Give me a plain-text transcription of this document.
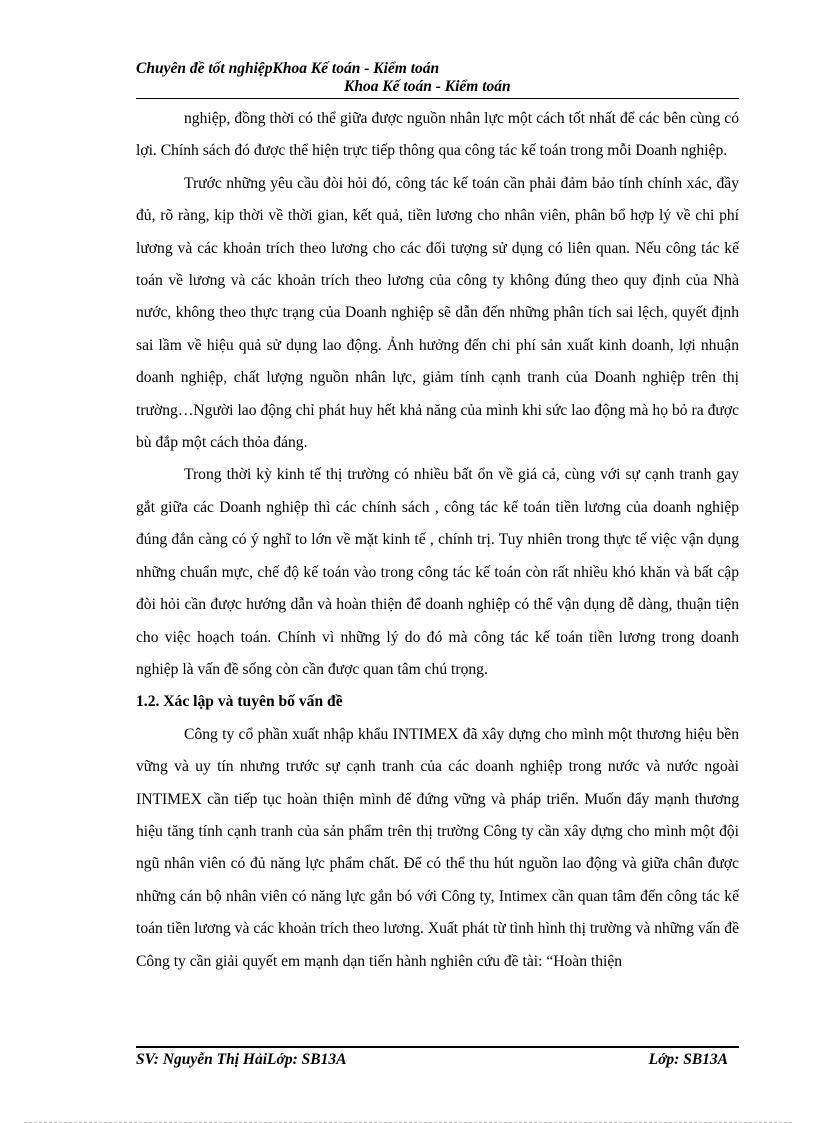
Chuyên đề tốt nghiệpKhoa Kế toán - Kiểm toán
Khoa Kế toán - Kiểm toán

nghiệp, đồng thời có thể giữa được nguồn nhân lực một cách tốt nhất để các bên cùng có lợi. Chính sách đó được thể hiện trực tiếp thông qua công tác kế toán trong mỗi Doanh nghiệp.

Trước những yêu cầu đòi hỏi đó, công tác kế toán cần phải đảm bảo tính chính xác, đầy đủ, rõ ràng, kịp thời về thời gian, kết quả, tiền lương cho nhân viên, phân bổ hợp lý về chi phí lương và các khoản trích theo lương cho các đối tượng sử dụng có liên quan. Nếu công tác kế toán về lương và các khoản trích theo lương của công ty không đúng theo quy định của Nhà nước, không theo thực trạng của Doanh nghiệp sẽ dẫn đến những phân tích sai lệch, quyết định sai lầm về hiệu quả sử dụng lao động. Ảnh hưởng đến chi phí sản xuất kinh doanh, lợi nhuận doanh nghiệp, chất lượng nguồn nhân lực, giảm tính cạnh tranh của Doanh nghiệp trên thị trường…Người lao động chỉ phát huy hết khả năng của mình khi sức lao động mà họ bỏ ra được bù đắp một cách thỏa đáng.

Trong thời kỳ kinh tế thị trường có nhiều bất ổn về giá cả, cùng với sự cạnh tranh gay gắt giữa các Doanh nghiệp thì các chính sách , công tác kế toán tiền lương của doanh nghiệp đúng đắn càng có ý nghĩ to lớn về mặt kinh tế , chính trị. Tuy nhiên trong thực tế việc vận dụng những chuẩn mực, chế độ kế toán vào trong công tác kế toán còn rất nhiều khó khăn và bất cập đòi hỏi cần được hướng dẫn và hoàn thiện để doanh nghiệp có thể vận dụng dễ dàng, thuận tiện cho việc hoạch toán. Chính vì những lý do đó mà công tác kế toán tiền lương trong doanh nghiệp là vấn đề sống còn cần được quan tâm chú trọng.

1.2. Xác lập và tuyên bố vấn đề

Công ty cổ phần xuất nhập khẩu INTIMEX đã xây dựng cho mình một thương hiệu bền vững và uy tín nhưng trước sự cạnh tranh của các doanh nghiệp trong nước và nước ngoài INTIMEX cần tiếp tục hoàn thiện mình để đứng vững và pháp triển. Muốn đẩy mạnh thương hiệu tăng tính cạnh tranh của sản phẩm trên thị trường Công ty cần xây dựng cho mình một đội ngũ nhân viên có đủ năng lực phẩm chất. Để có thể thu hút nguồn lao động và giữa chân được những cán bộ nhân viên có năng lực gắn bó với Công ty, Intimex cần quan tâm đến công tác kế toán tiền lương và các khoản trích theo lương. Xuất phát từ tình hình thị trường và những vấn đề Công ty cần giải quyết em mạnh dạn tiến hành nghiên cứu đề tài: “Hoàn thiện

SV: Nguyễn Thị HảiLớp: SB13A	Lớp: SB13A
